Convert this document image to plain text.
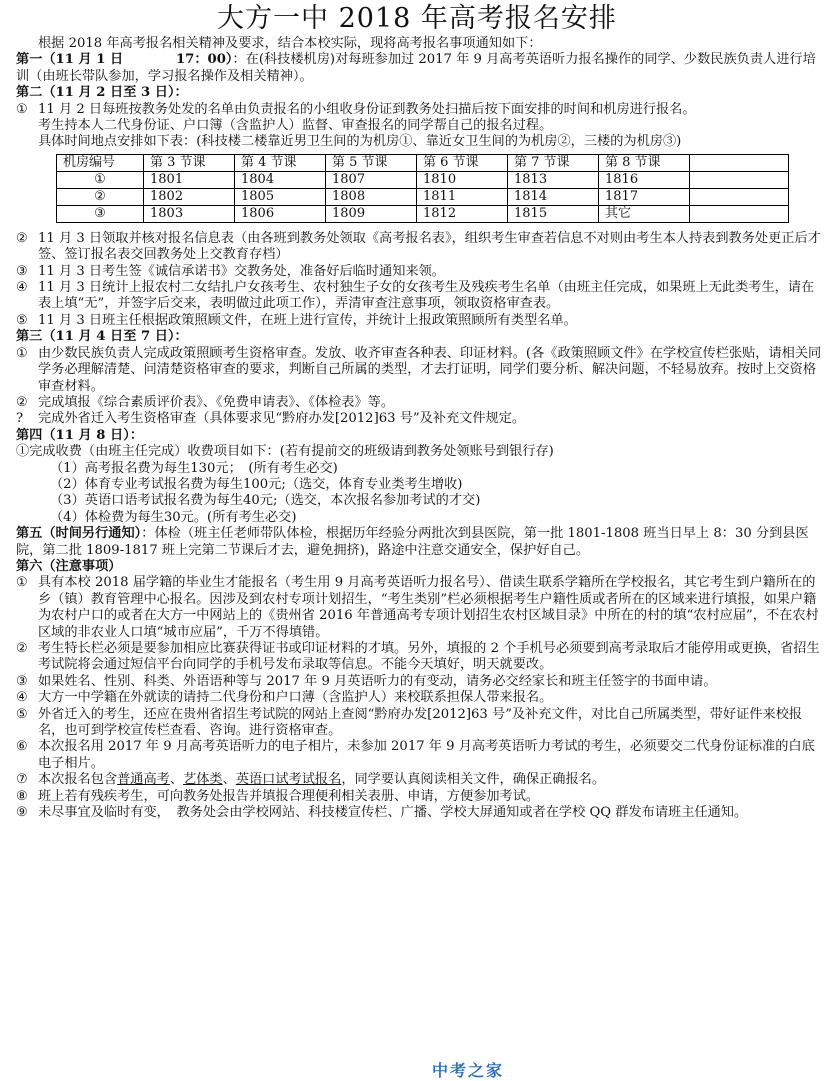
大方一中 2018 年高考报名安排

根据 2018 年高考报名相关精神及要求，结合本校实际，现将高考报名事项通知如下：

第一（11 月 1 日　　　　17：00）：在(科技楼机房)对每班参加过 2017 年 9 月高考英语听力报名操作的同学、少数民族负责人进行培训（由班长带队参加，学习报名操作及相关精神）。

第二（11 月 2 日至 3 日）：

① 11 月 2 日每班按教务处发的名单由负责报名的小组收身份证到教务处扫描后按下面安排的时间和机房进行报名。
考生持本人二代身份证、户口簿（含监护人）监督、审查报名的同学帮自己的报名过程。
具体时间地点安排如下表：(科技楼二楼靠近男卫生间的为机房①、靠近女卫生间的为机房②，三楼的为机房③)
机房编号	第 3 节课	第 4 节课	第 5 节课	第 6 节课	第 7 节课	第 8 节课	
①	1801	1804	1807	1810	1813	1816	
②	1802	1805	1808	1811	1814	1817	
③	1803	1806	1809	1812	1815	其它	
② 11 月 3 日领取并核对报名信息表（由各班到教务处领取《高考报名表》，组织考生审查若信息不对则由考生本人持表到教务处更正后才签、签订报名表交回教务处上交教育存档）
③ 11 月 3 日考生签《诚信承诺书》交教务处，准备好后临时通知来领。
④ 11 月 3 日统计上报农村二女结扎户女孩考生、农村独生子女的女孩考生及残疾考生名单（由班主任完成，如果班上无此类考生，请在表上填“无”，并签字后交来，表明做过此项工作），弄清审查注意事项，领取资格审查表。
⑤ 11 月 3 日班主任根据政策照顾文件，在班上进行宣传，并统计上报政策照顾所有类型名单。

第三（11 月 4 日至 7 日）：

① 由少数民族负责人完成政策照顾考生资格审查。发放、收齐审查各种表、印证材料。(各《政策照顾文件》在学校宣传栏张贴，请相关同学务必理解清楚、问清楚资格审查的要求，判断自己所属的类型，才去打证明，同学们要分析、解决问题，不轻易放弃。按时上交资格审查材料。
② 完成填报《综合素质评价表》、《免费申请表》、《体检表》等。
?	完成外省迁入考生资格审查（具体要求见“黔府办发[2012]63 号”及补充文件规定。

第四（11 月 8 日）：

①完成收费（由班主任完成）收费项目如下：(若有提前交的班级请到教务处领账号到银行存)

（1）高考报名费为每生130元；　(所有考生必交)

（2）体育专业考试报名费为每生100元;（选交，体育专业类考生增收)

（3）英语口语考试报名费为每生40元;（选交，本次报名参加考试的才交)

（4）体检费为每生30元。(所有考生必交)

第五（时间另行通知）：体检（班主任老师带队体检，根据历年经验分两批次到县医院，第一批 1801-1808 班当日早上 8：30 分到县医院，第二批 1809-1817 班上完第二节课后才去，避免拥挤)，路途中注意交通安全，保护好自己。

第六（注意事项）

① 具有本校 2018 届学籍的毕业生才能报名（考生用 9 月高考英语听力报名号）、借读生联系学籍所在学校报名，其它考生到户籍所在的乡（镇）教育管理中心报名。因涉及到农村专项计划招生，“考生类别”栏必须根据考生户籍性质或者所在的区域来进行填报，如果户籍为农村户口的或者在大方一中网站上的《贵州省 2016 年普通高考专项计划招生农村区域目录》中所在的村的填“农村应届”，不在农村区域的非农业人口填“城市应届”，千万不得填错。
② 考生特长栏必须是要参加相应比赛获得证书或印证材料的才填。另外，填报的 2 个手机号必须要到高考录取后才能停用或更换，省招生考试院将会通过短信平台向同学的手机号发布录取等信息。不能今天填好，明天就要改。
③ 如果姓名、性别、科类、外语语种等与 2017 年 9 月英语听力的有变动，请务必交经家长和班主任签字的书面申请。
④ 大方一中学籍在外就读的请持二代身份和户口薄（含监护人）来校联系担保人带来报名。
⑤ 外省迁入的考生，还应在贵州省招生考试院的网站上查阅“黔府办发[2012]63 号”及补充文件，对比自己所属类型，带好证件来校报名，也可到学校宣传栏查看、咨询。进行资格审查。
⑥ 本次报名用 2017 年 9 月高考英语听力的电子相片，未参加 2017 年 9 月高考英语听力考试的考生，必须要交二代身份证标准的白底电子相片。
⑦ 本次报名包含普通高考、艺体类、英语口试考试报名，同学要认真阅读相关文件，确保正确报名。
⑧ 班上若有残疾考生，可向教务处报告并填报合理便利相关表册、申请，方便参加考试。
⑨ 未尽事宜及临时有变，　教务处会由学校网站、科技楼宣传栏、广播、学校大屏通知或者在学校 QQ 群发布请班主任通知。
中考之家
